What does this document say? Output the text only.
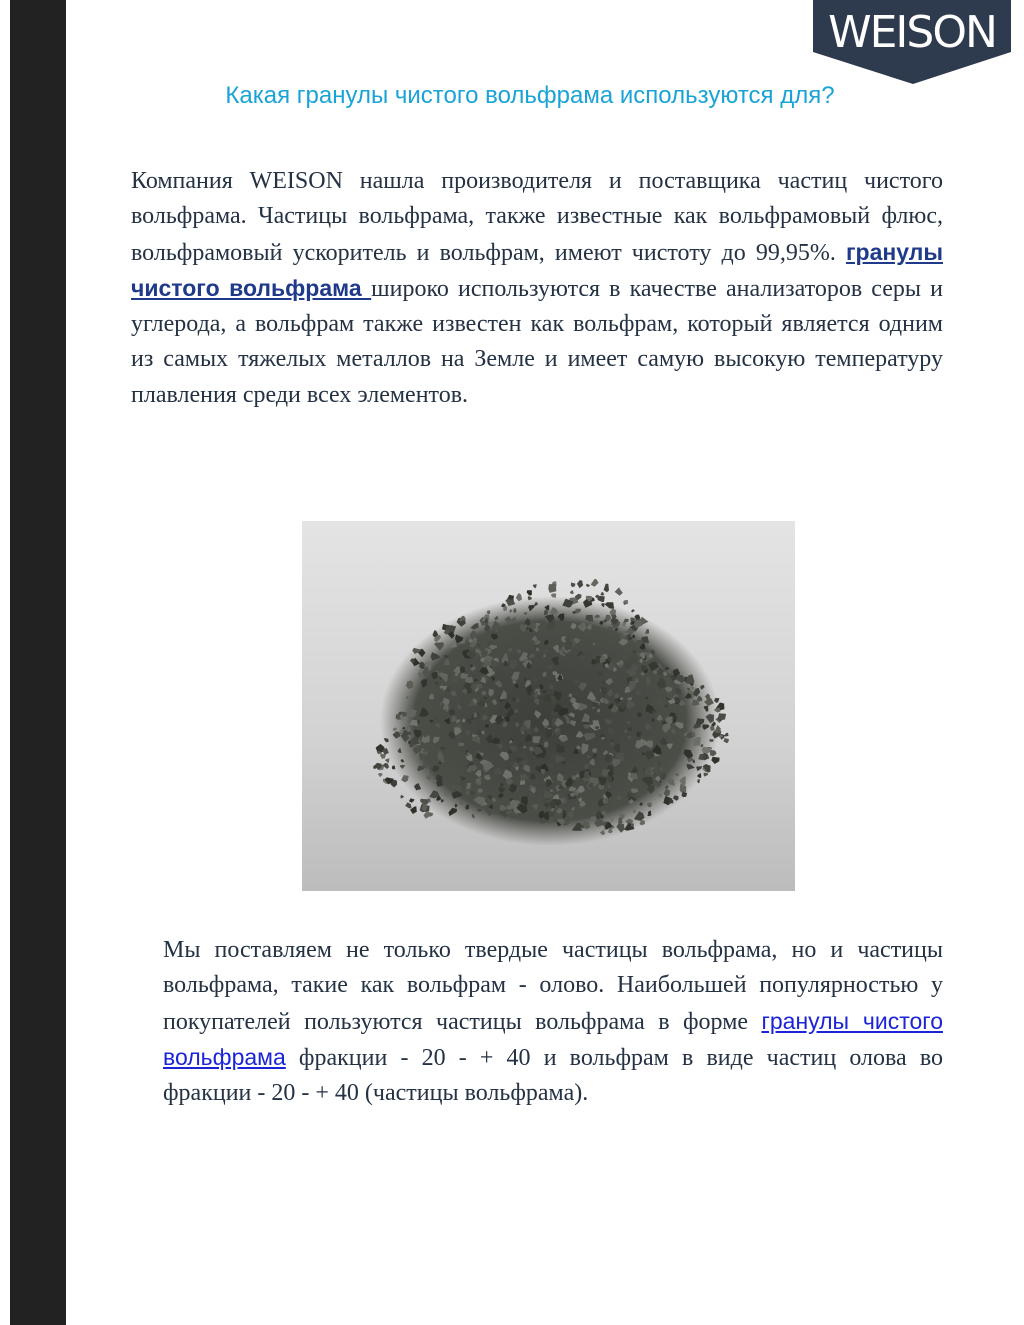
WEISON
Какая гранулы чистого вольфрама используются для?

Компания WEISON нашла производителя и поставщика частиц чистого вольфрама. Частицы вольфрама, также известные как вольфрамовый флюс, вольфрамовый ускоритель и вольфрам, имеют чистоту до 99,95%. гранулы чистого вольфрама широко используются в качестве анализаторов серы и углерода, а вольфрам также известен как вольфрам, который является одним из самых тяжелых металлов на Земле и имеет самую высокую температуру плавления среди всех элементов.

Мы поставляем не только твердые частицы вольфрама, но и частицы вольфрама, такие как вольфрам - олово. Наибольшей популярностью у покупателей пользуются частицы вольфрама в форме гранулы чистого вольфрама фракции - 20 - + 40 и вольфрам в виде частиц олова во фракции - 20 - + 40 (частицы вольфрама).
